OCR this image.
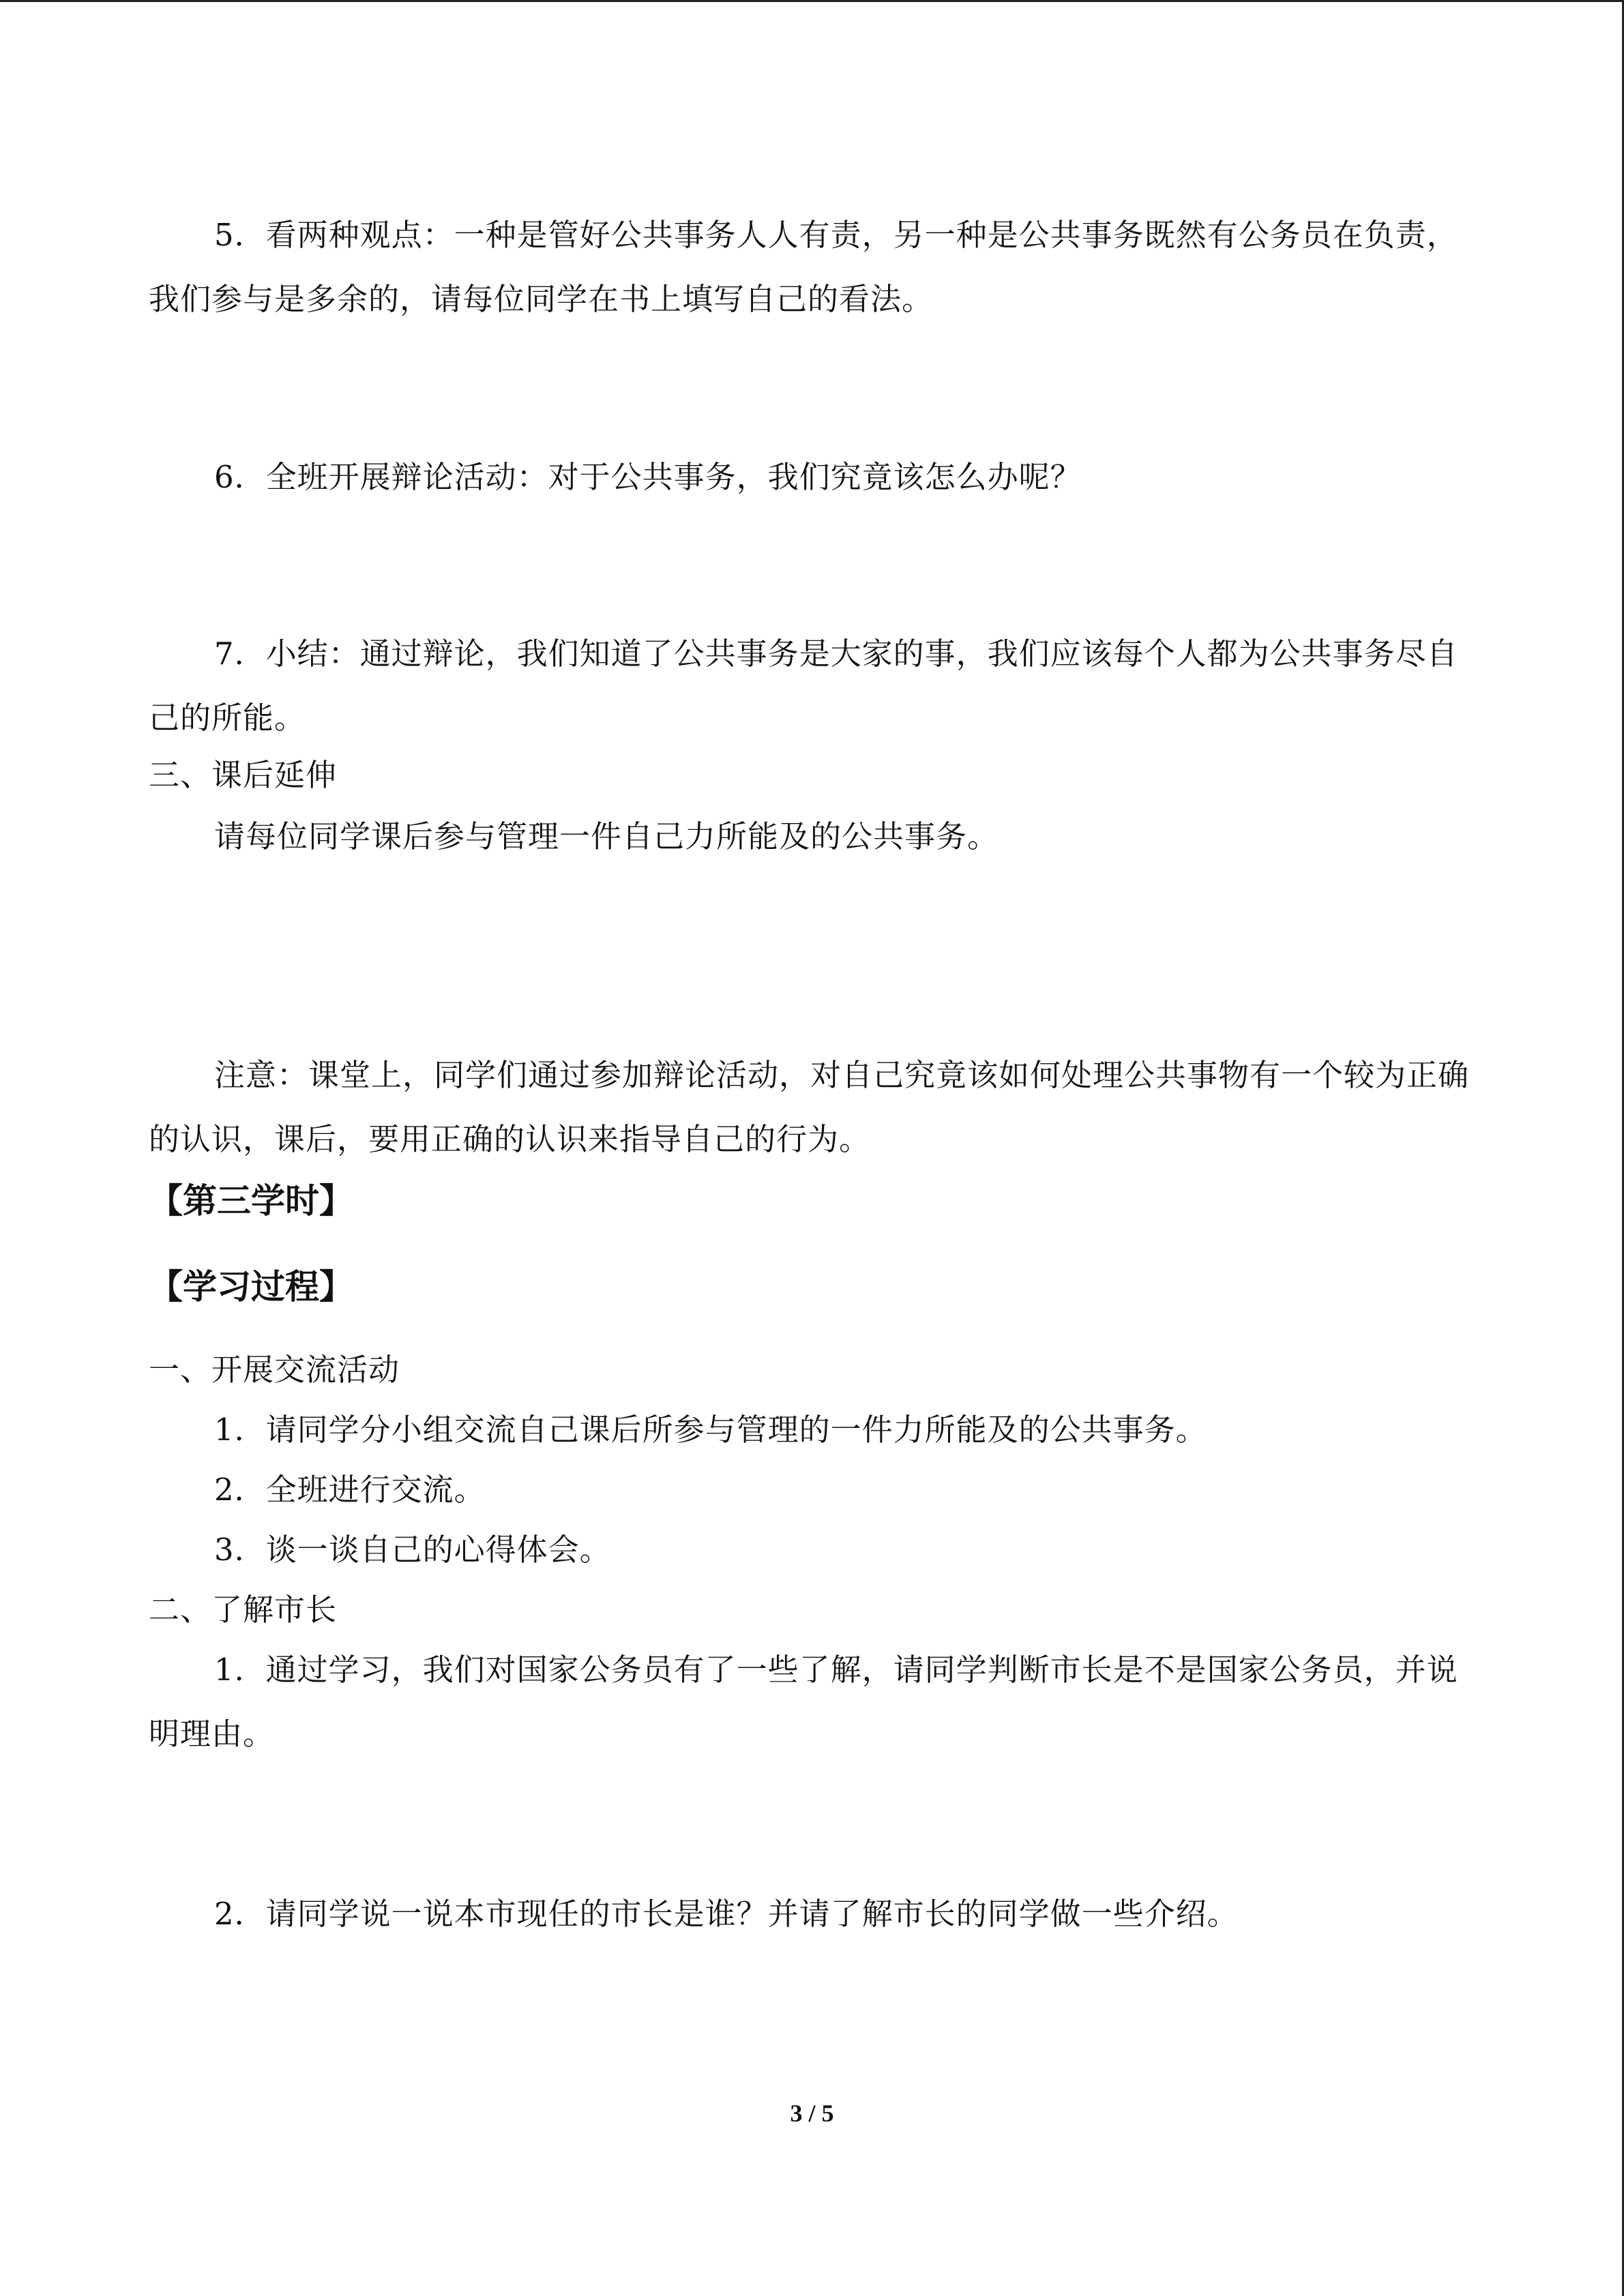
5．看两种观点：一种是管好公共事务人人有责，另一种是公共事务既然有公务员在负责，我们参与是多余的，请每位同学在书上填写自己的看法。

6．全班开展辩论活动：对于公共事务，我们究竟该怎么办呢？

7．小结：通过辩论，我们知道了公共事务是大家的事，我们应该每个人都为公共事务尽自己的所能。

三、课后延伸

请每位同学课后参与管理一件自己力所能及的公共事务。

注意：课堂上，同学们通过参加辩论活动，对自己究竟该如何处理公共事物有一个较为正确的认识，课后，要用正确的认识来指导自己的行为。

【第三学时】
【学习过程】

一、开展交流活动

1．请同学分小组交流自己课后所参与管理的一件力所能及的公共事务。

2．全班进行交流。

3．谈一谈自己的心得体会。

二、了解市长

1．通过学习，我们对国家公务员有了一些了解，请同学判断市长是不是国家公务员，并说明理由。

2．请同学说一说本市现任的市长是谁？并请了解市长的同学做一些介绍。

3 / 5
